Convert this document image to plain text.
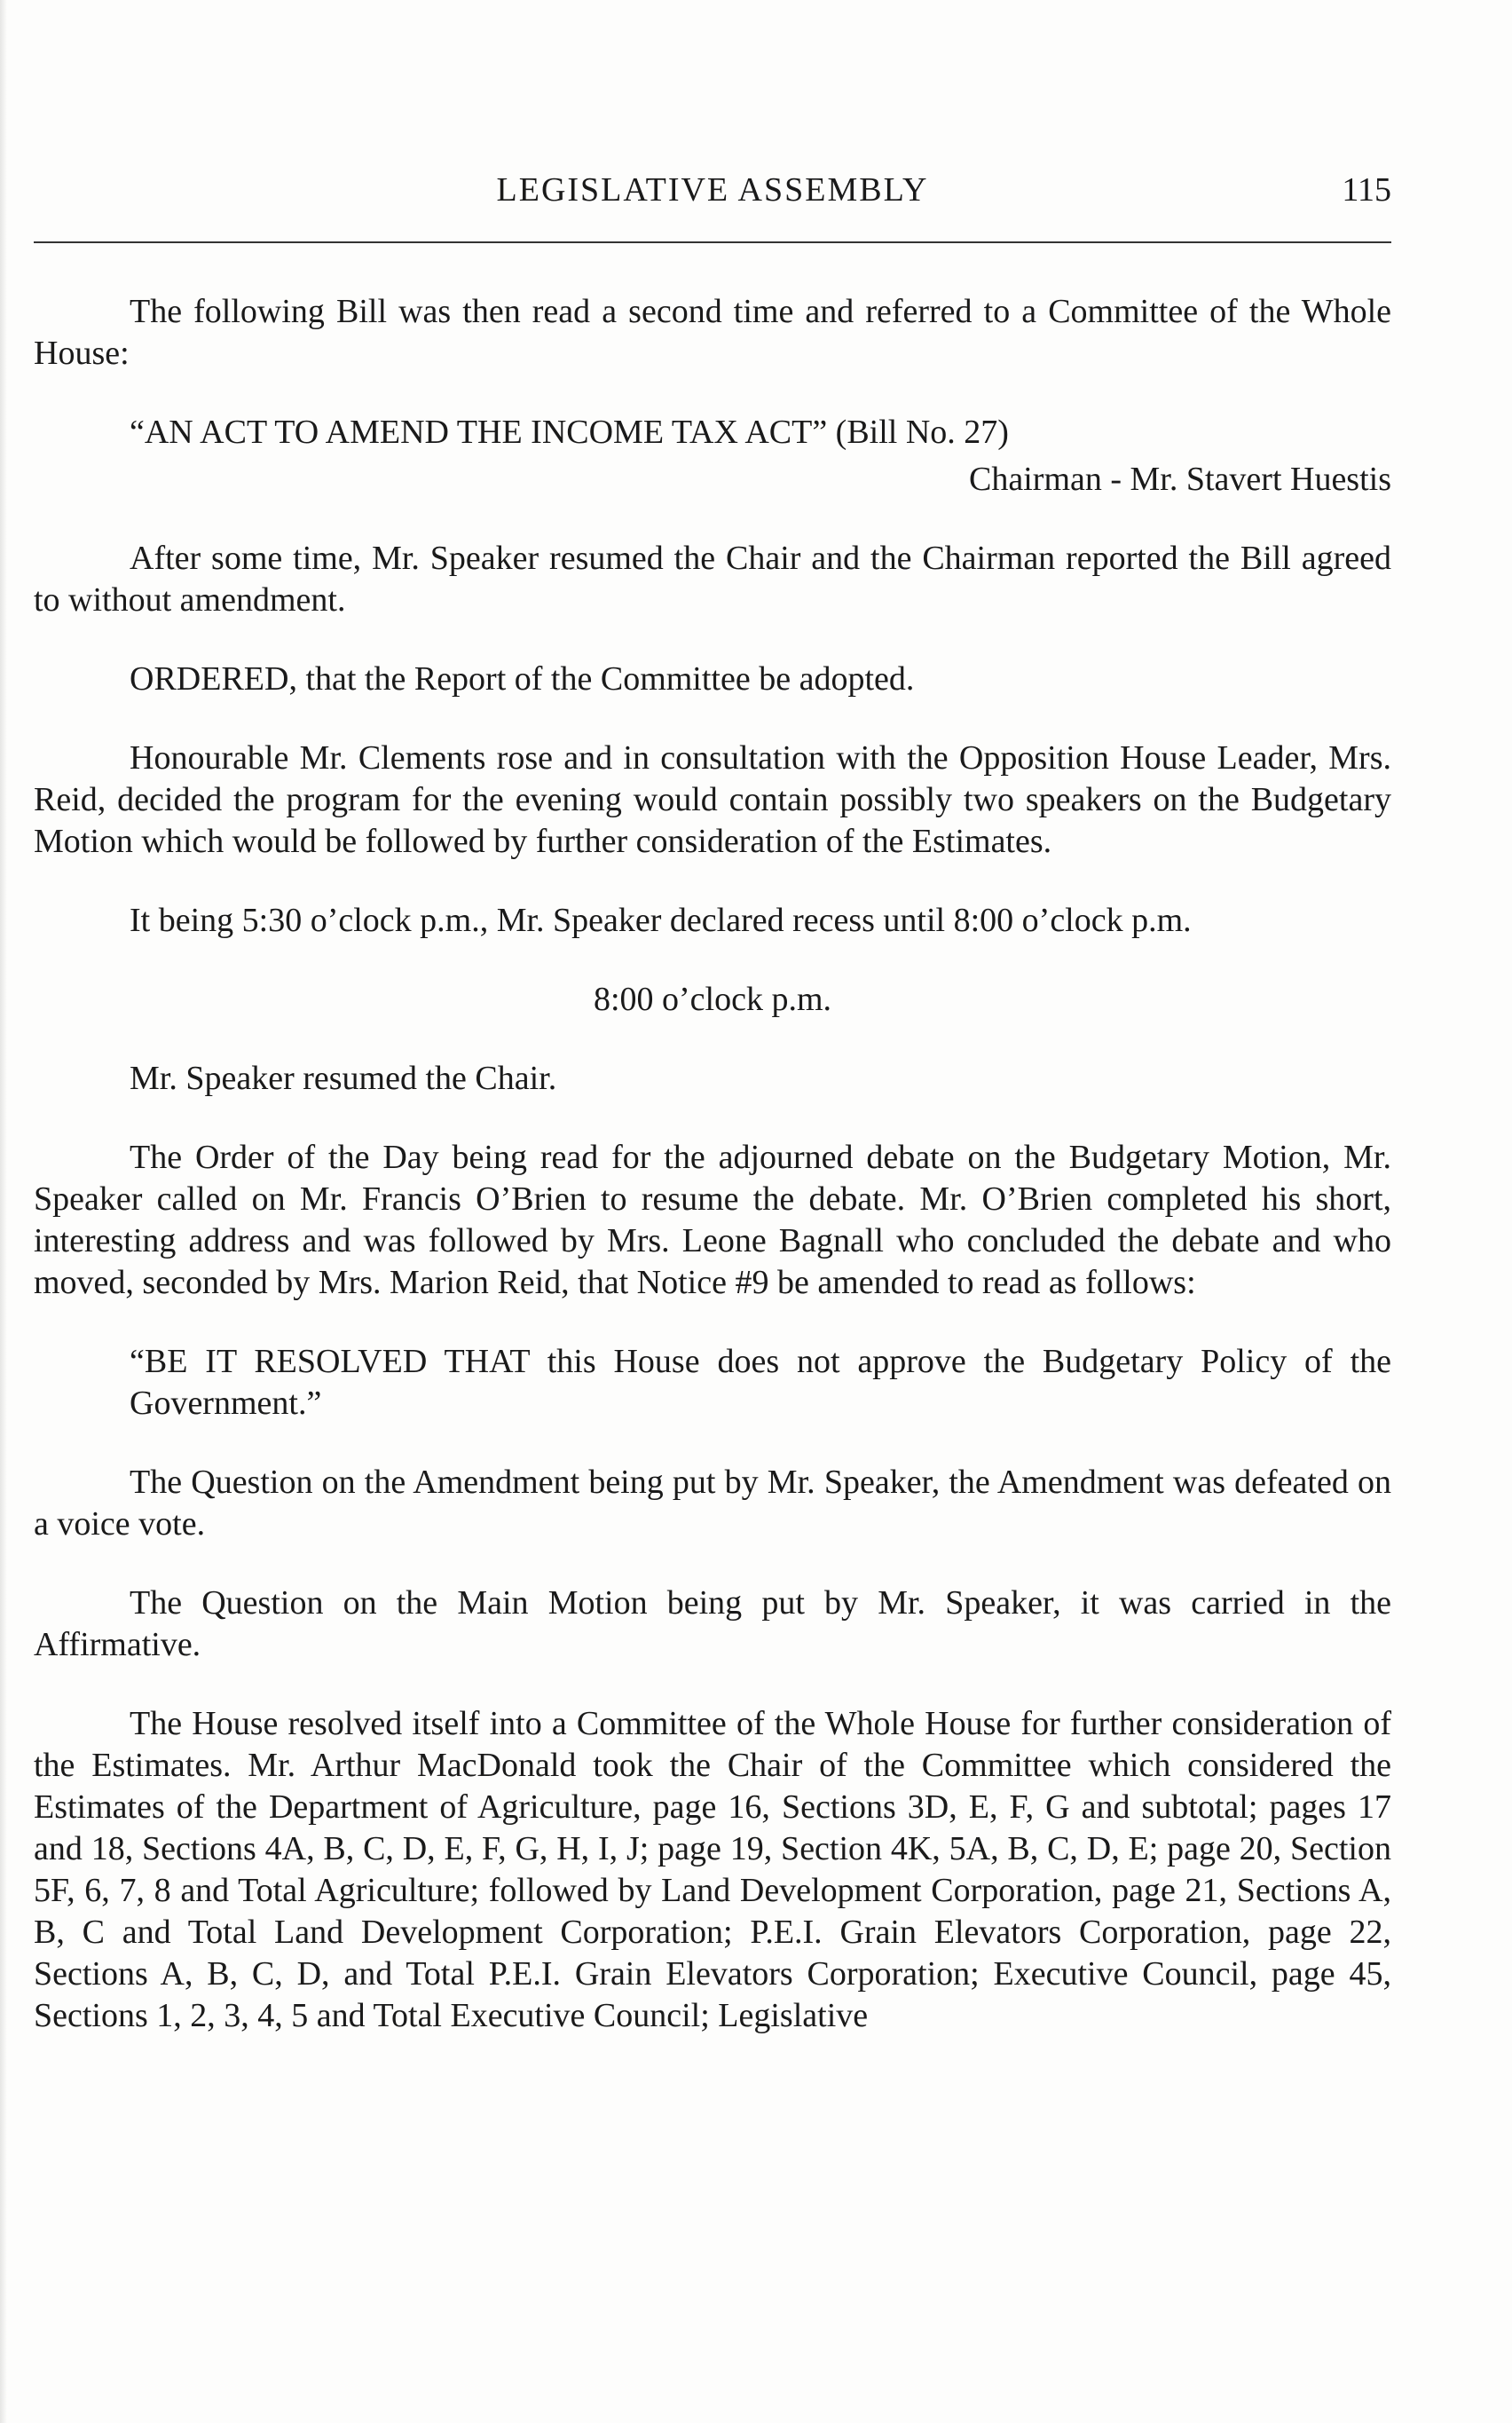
LEGISLATIVE ASSEMBLY	115

The following Bill was then read a second time and referred to a Committee of the Whole House:

“AN ACT TO AMEND THE INCOME TAX ACT” (Bill No. 27)

Chairman - Mr. Stavert Huestis

After some time, Mr. Speaker resumed the Chair and the Chairman reported the Bill agreed to without amendment.

ORDERED, that the Report of the Committee be adopted.

Honourable Mr. Clements rose and in consultation with the Opposition House Leader, Mrs. Reid, decided the program for the evening would contain possibly two speakers on the Budgetary Motion which would be followed by further consideration of the Estimates.

It being 5:30 o’clock p.m., Mr. Speaker declared recess until 8:00 o’clock p.m.

8:00 o’clock p.m.

Mr. Speaker resumed the Chair.

The Order of the Day being read for the adjourned debate on the Budgetary Motion, Mr. Speaker called on Mr. Francis O’Brien to resume the debate. Mr. O’Brien completed his short, interesting address and was followed by Mrs. Leone Bagnall who concluded the debate and who moved, seconded by Mrs. Marion Reid, that Notice #9 be amended to read as follows:

“BE IT RESOLVED THAT this House does not approve the Budgetary Policy of the Government.”

The Question on the Amendment being put by Mr. Speaker, the Amendment was defeated on a voice vote.

The Question on the Main Motion being put by Mr. Speaker, it was carried in the Affirmative.

The House resolved itself into a Committee of the Whole House for further consideration of the Estimates. Mr. Arthur MacDonald took the Chair of the Committee which considered the Estimates of the Department of Agriculture, page 16, Sections 3D, E, F, G and subtotal; pages 17 and 18, Sections 4A, B, C, D, E, F, G, H, I, J; page 19, Section 4K, 5A, B, C, D, E; page 20, Section 5F, 6, 7, 8 and Total Agriculture; followed by Land Development Corporation, page 21, Sections A, B, C and Total Land Development Corporation; P.E.I. Grain Elevators Corporation, page 22, Sections A, B, C, D, and Total P.E.I. Grain Elevators Corporation; Executive Council, page 45, Sections 1, 2, 3, 4, 5 and Total Executive Council; Legislative
